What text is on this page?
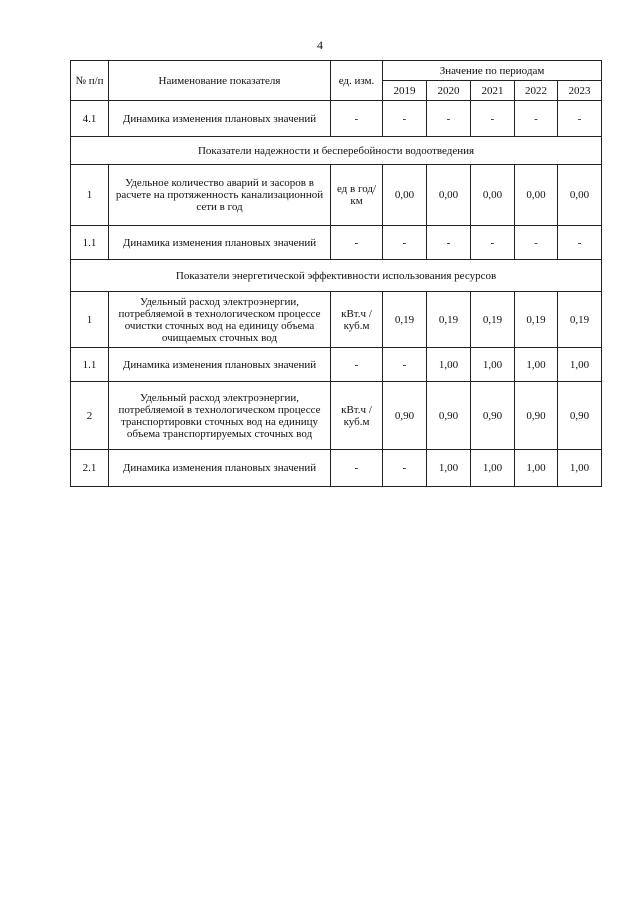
4
№ п/п	Наименование показателя	ед. изм.	Значение по периодам				
			2019	2020	2021	2022	2023
4.1	Динамика изменения плановых значений	-	-	-	-	-	-
Показатели надежности и бесперебойности водоотведения							
1	Удельное количество аварий и засоров в расчете на протяженность канализационной сети в год	ед в год/ км	0,00	0,00	0,00	0,00	0,00
1.1	Динамика изменения плановых значений	-	-	-	-	-	-
Показатели энергетической эффективности использования ресурсов							
1	Удельный расход электроэнергии, потребляемой в технологическом процессе очистки сточных вод на единицу объема очищаемых сточных вод	кВт.ч / куб.м	0,19	0,19	0,19	0,19	0,19
1.1	Динамика изменения плановых значений	-	-	1,00	1,00	1,00	1,00
2	Удельный расход электроэнергии, потребляемой в технологическом процессе транспортировки сточных вод на единицу объема транспортируемых сточных вод	кВт.ч / куб.м	0,90	0,90	0,90	0,90	0,90
2.1	Динамика изменения плановых значений	-	-	1,00	1,00	1,00	1,00
